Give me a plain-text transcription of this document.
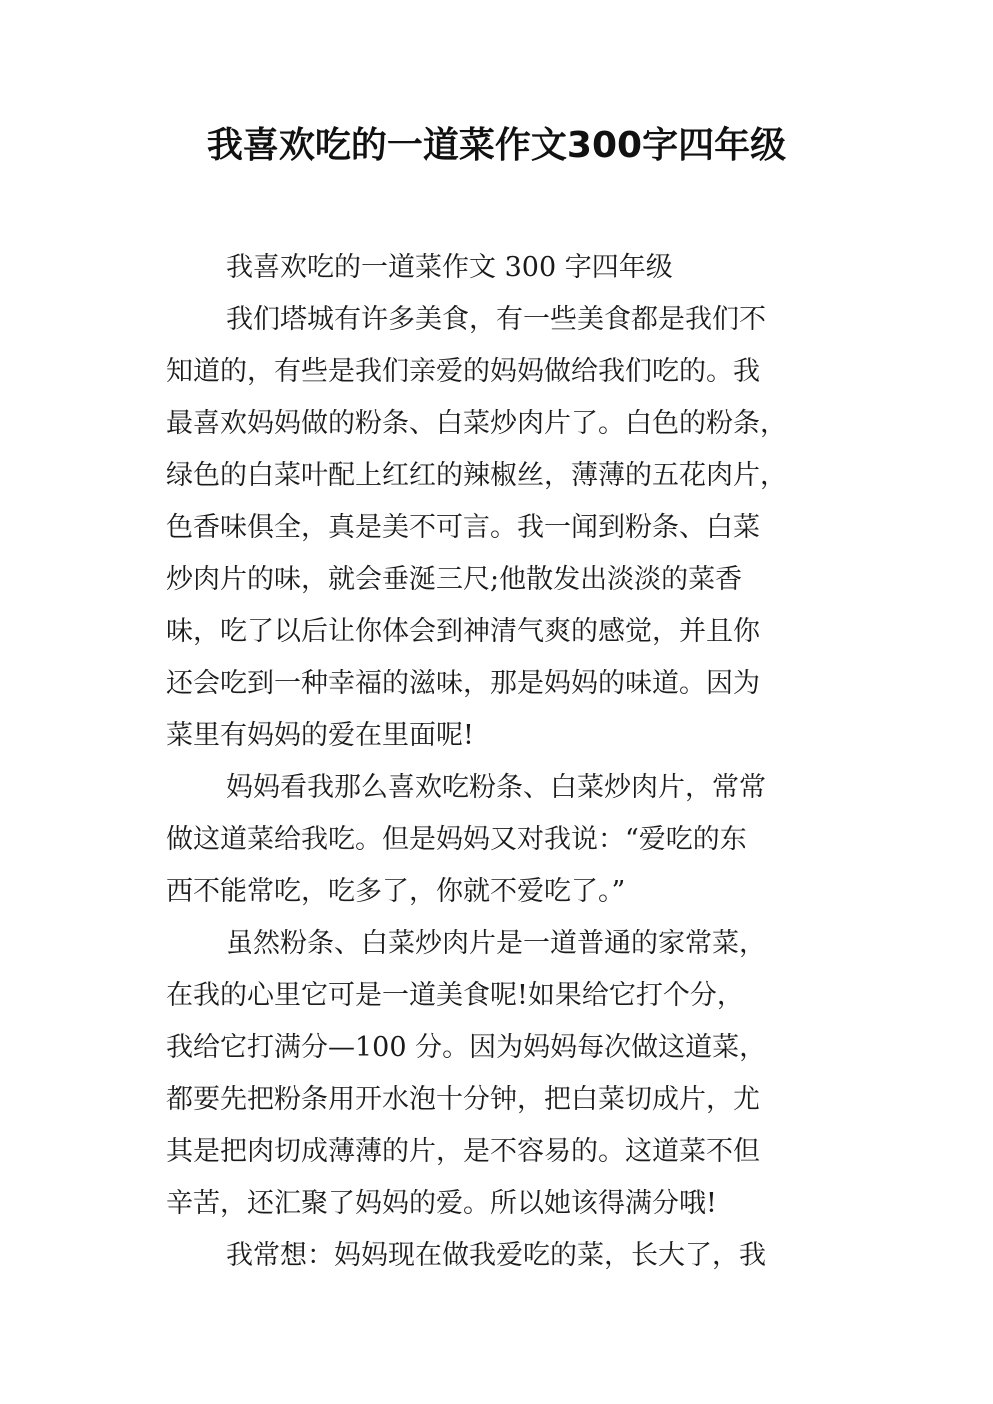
我喜欢吃的一道菜作文300字四年级
我喜欢吃的一道菜作文 300 字四年级
我们塔城有许多美食，有一些美食都是我们不
知道的，有些是我们亲爱的妈妈做给我们吃的。我
最喜欢妈妈做的粉条、白菜炒肉片了。白色的粉条，
绿色的白菜叶配上红红的辣椒丝，薄薄的五花肉片，
色香味俱全，真是美不可言。我一闻到粉条、白菜
炒肉片的味，就会垂涎三尺;他散发出淡淡的菜香
味，吃了以后让你体会到神清气爽的感觉，并且你
还会吃到一种幸福的滋味，那是妈妈的味道。因为
菜里有妈妈的爱在里面呢!
妈妈看我那么喜欢吃粉条、白菜炒肉片，常常
做这道菜给我吃。但是妈妈又对我说：“爱吃的东
西不能常吃，吃多了，你就不爱吃了。”
虽然粉条、白菜炒肉片是一道普通的家常菜，
在我的心里它可是一道美食呢!如果给它打个分，
我给它打满分—100 分。因为妈妈每次做这道菜，
都要先把粉条用开水泡十分钟，把白菜切成片，尤
其是把肉切成薄薄的片，是不容易的。这道菜不但
辛苦，还汇聚了妈妈的爱。所以她该得满分哦!
我常想：妈妈现在做我爱吃的菜，长大了，我
